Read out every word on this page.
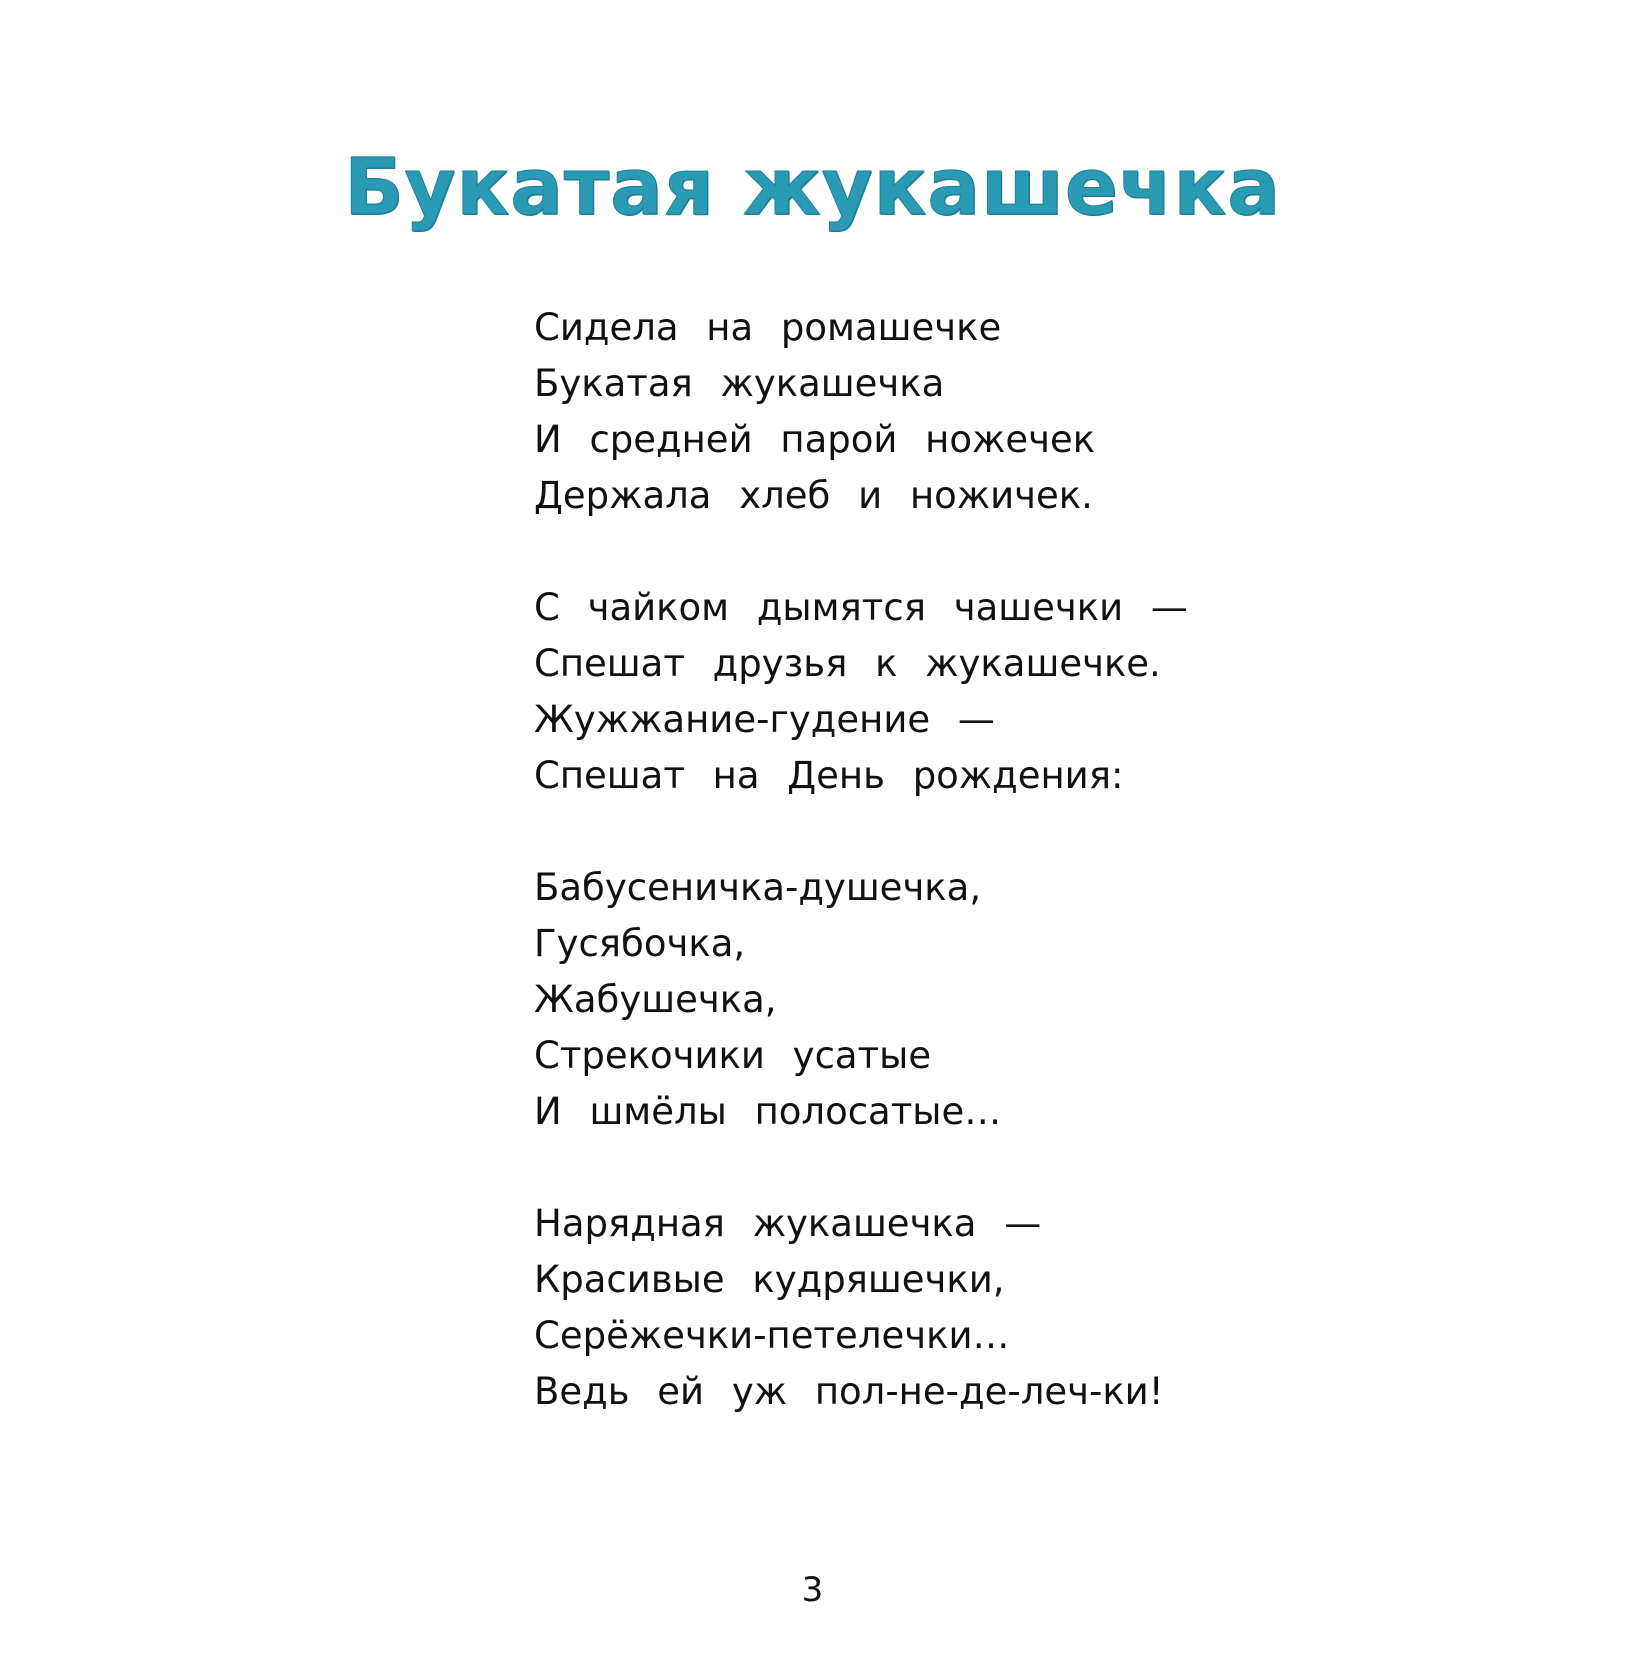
Букатая жукашечка
Сидела на ромашечке
Букатая жукашечка
И средней парой ножечек
Держала хлеб и ножичек.
С чайком дымятся чашечки —
Спешат друзья к жукашечке.
Жужжание-гудение —
Спешат на День рождения:
Бабусеничка-душечка,
Гусябочка,
Жабушечка,
Стрекочики усатые
И шмёлы полосатые…
Нарядная жукашечка —
Красивые кудряшечки,
Серёжечки-петелечки…
Ведь ей уж пол-не-де-леч-ки!
3
